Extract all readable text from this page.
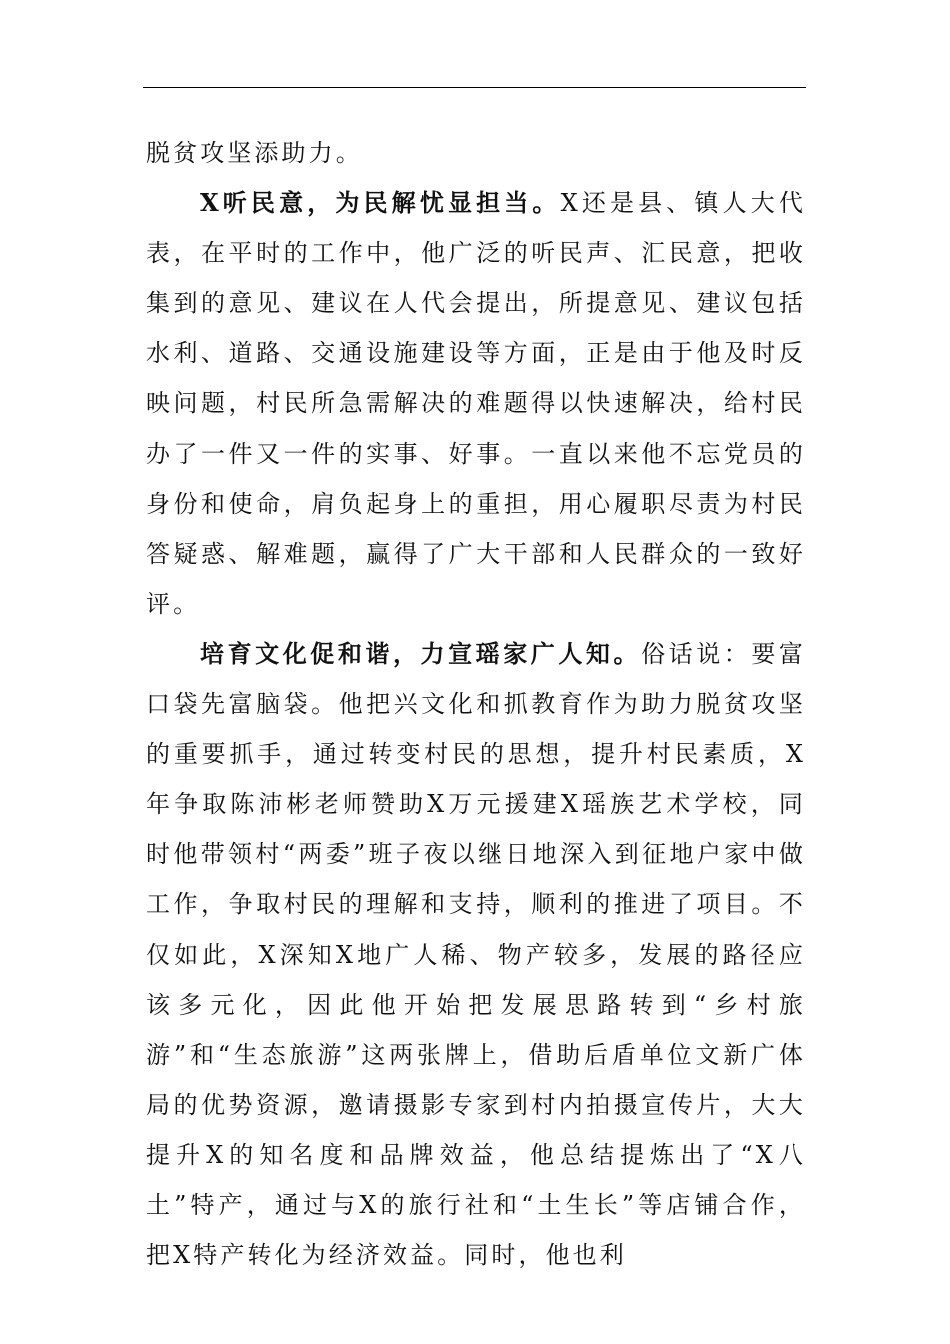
脱贫攻坚添助力。

X听民意，为民解忧显担当。X还是县、镇人大代表，在平时的工作中，他广泛的听民声、汇民意，把收集到的意见、建议在人代会提出，所提意见、建议包括水利、道路、交通设施建设等方面，正是由于他及时反映问题，村民所急需解决的难题得以快速解决，给村民办了一件又一件的实事、好事。一直以来他不忘党员的身份和使命，肩负起身上的重担，用心履职尽责为村民答疑惑、解难题，赢得了广大干部和人民群众的一致好评。

培育文化促和谐，力宣瑶家广人知。俗话说：要富口袋先富脑袋。他把兴文化和抓教育作为助力脱贫攻坚的重要抓手，通过转变村民的思想，提升村民素质，X年争取陈沛彬老师赞助X万元援建X瑶族艺术学校，同时他带领村“两委”班子夜以继日地深入到征地户家中做工作，争取村民的理解和支持，顺利的推进了项目。不仅如此，X深知X地广人稀、物产较多，发展的路径应该多元化，因此他开始把发展思路转到“乡村旅游”和“生态旅游”这两张牌上，借助后盾单位文新广体局的优势资源，邀请摄影专家到村内拍摄宣传片，大大提升X的知名度和品牌效益，他总结提炼出了“X八土”特产，通过与X的旅行社和“土生长”等店铺合作，把X特产转化为经济效益。同时，他也利
